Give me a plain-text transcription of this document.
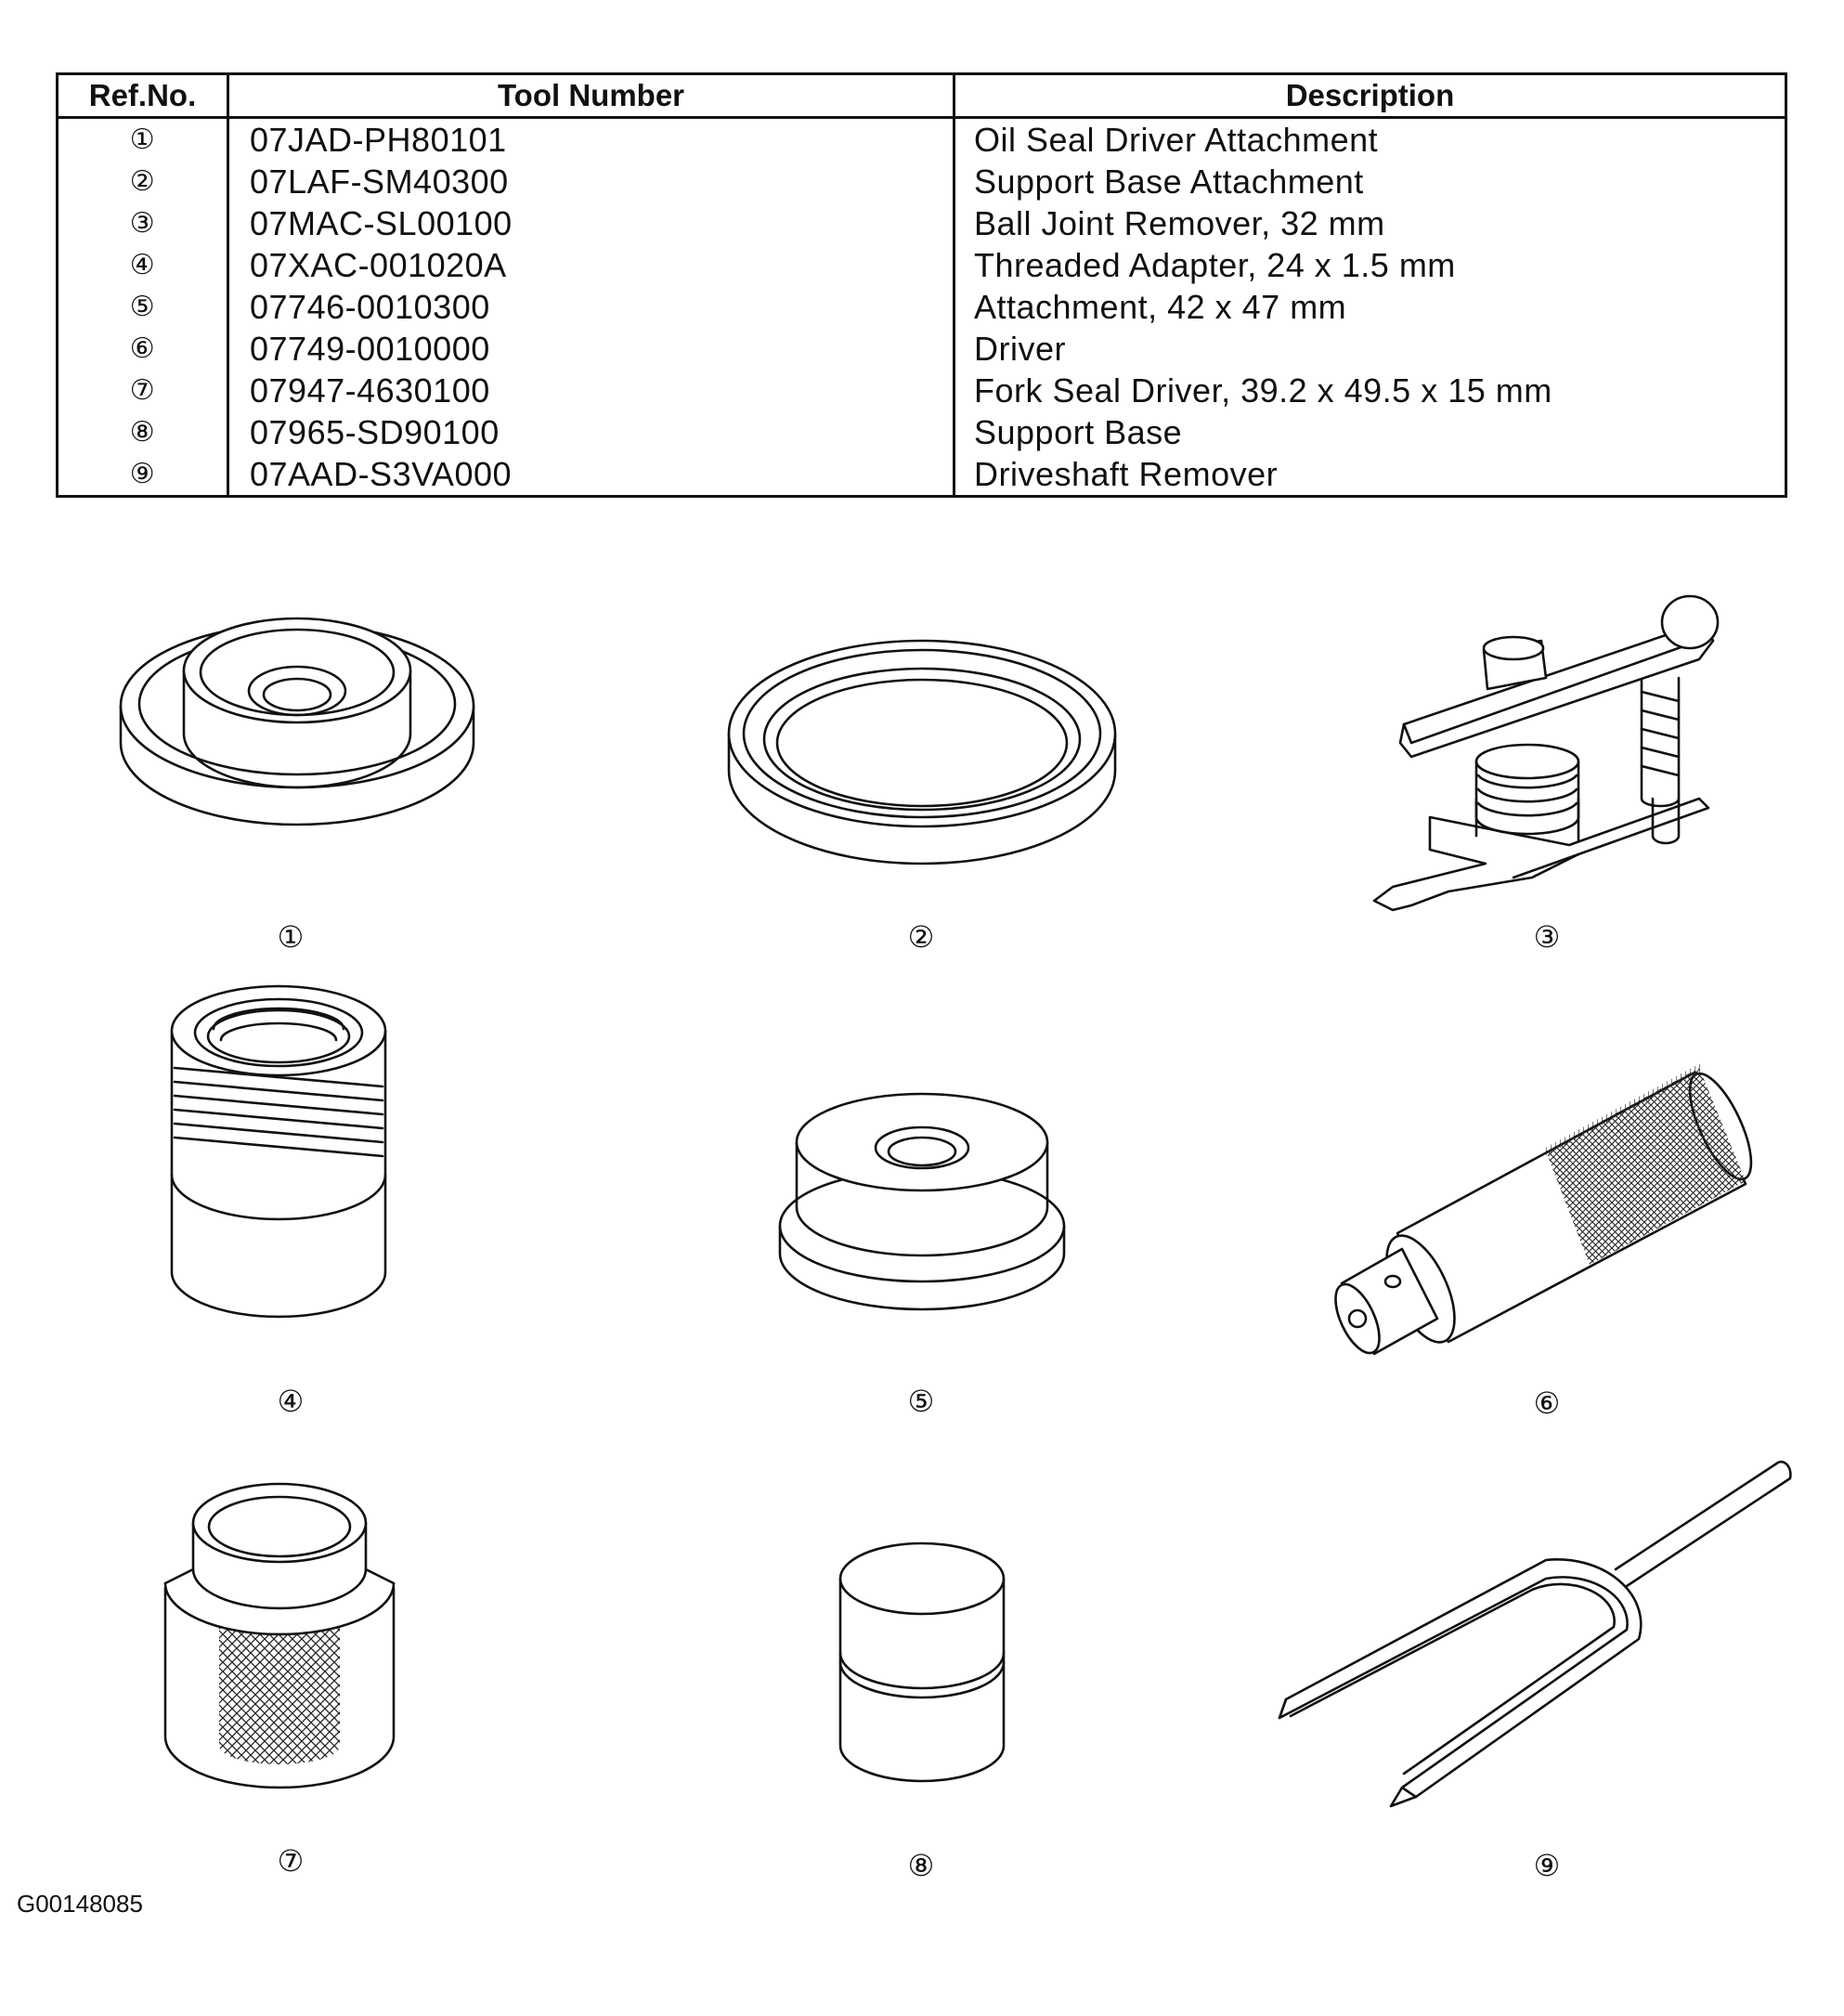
Ref.No.	Tool Number	Description
①	07JAD-PH80101	Oil Seal Driver Attachment
②	07LAF-SM40300	Support Base Attachment
③	07MAC-SL00100	Ball Joint Remover, 32 mm
④	07XAC-001020A	Threaded Adapter, 24 x 1.5 mm
⑤	07746-0010300	Attachment, 42 x 47 mm
⑥	07749-0010000	Driver
⑦	07947-4630100	Fork Seal Driver, 39.2 x 49.5 x 15 mm
⑧	07965-SD90100	Support Base
⑨	07AAD-S3VA000	Driveshaft Remover
①	②	③
④	⑤	⑥
⑦	⑧	⑨
G00148085
